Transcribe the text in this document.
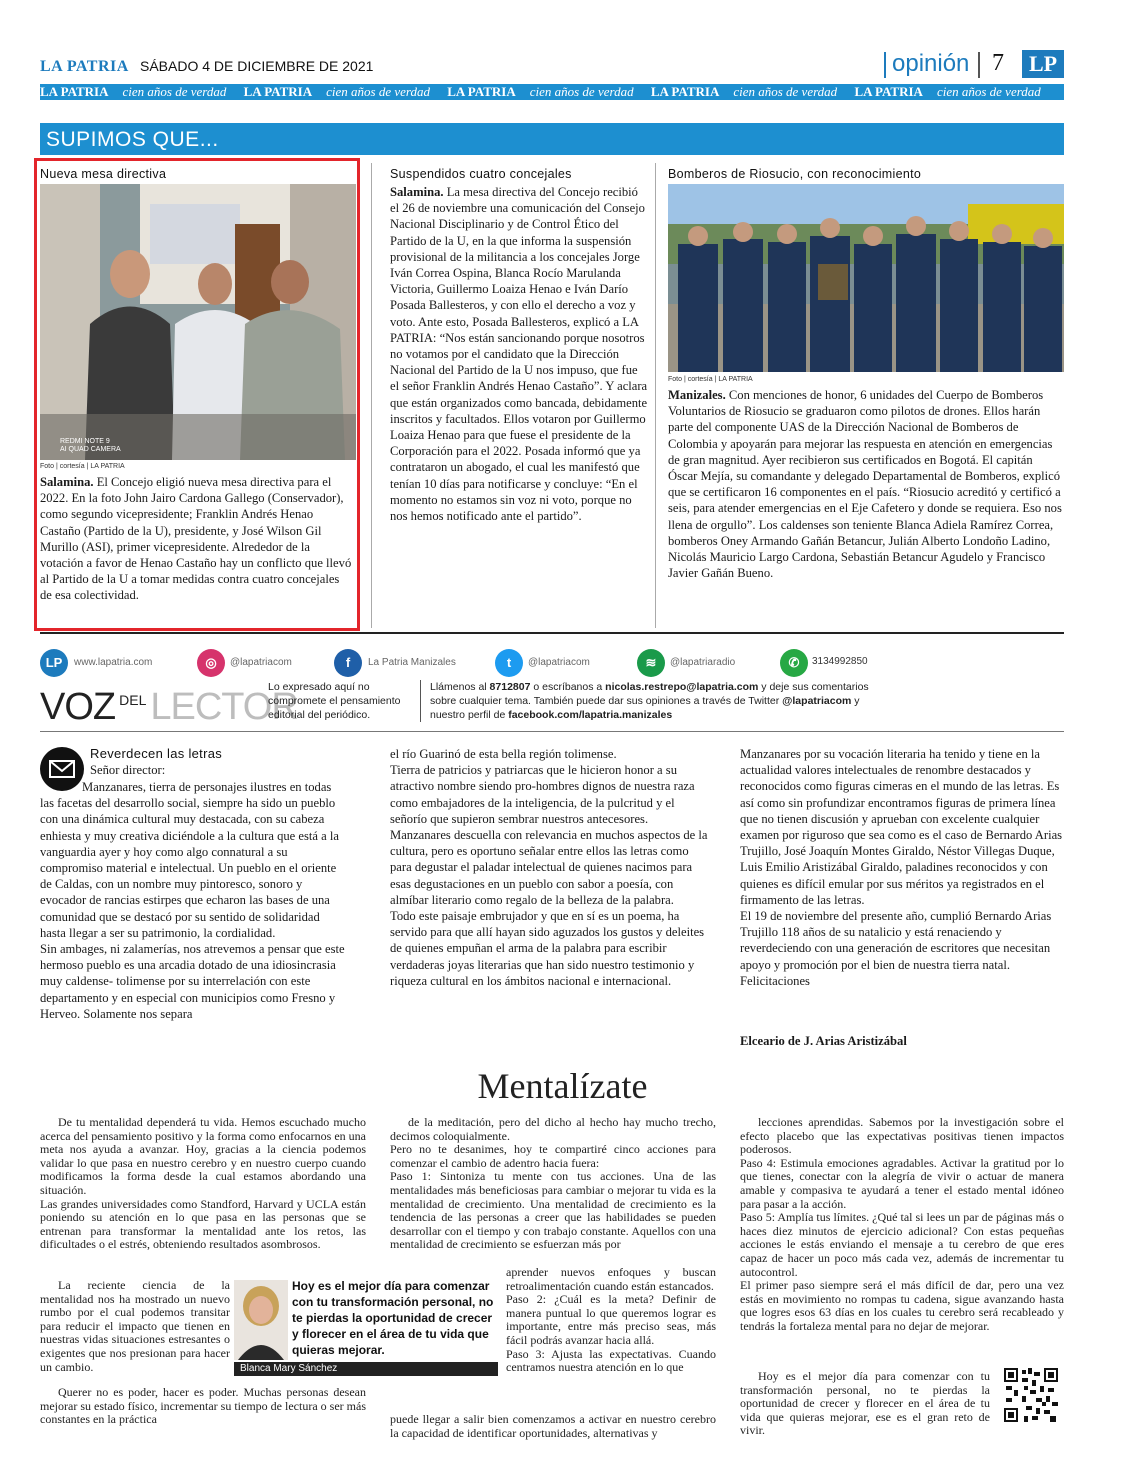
LA PATRIA SÁBADO 4 DE DICIEMBRE DE 2021	opinión 7	LP
LA PATRIA cien años de verdad LA PATRIA cien años de verdad LA PATRIA cien años de verdad LA PATRIA cien años de verdad LA PATRIA cien años de verdad
SUPIMOS QUE...
Nueva mesa directiva
REDMI NOTE 9
AI QUAD CAMERA
Foto | cortesía | LA PATRIA

Salamina. El Concejo eligió nueva mesa directiva para el 2022. En la foto John Jairo Cardona Gallego (Conservador), como segundo vicepresidente; Franklin Andrés Henao Castaño (Partido de la U), presidente, y José Wilson Gil Murillo (ASI), primer vicepresidente. Alrededor de la votación a favor de Henao Castaño hay un conflicto que llevó al Partido de la U a tomar medidas contra cuatro concejales de esa colectividad.

Suspendidos cuatro concejales

Salamina. La mesa directiva del Concejo recibió el 26 de noviembre una comunicación del Consejo Nacional Disciplinario y de Control Ético del Partido de la U, en la que informa la suspensión provisional de la militancia a los concejales Jorge Iván Correa Ospina, Blanca Rocío Marulanda Victoria, Guillermo Loaiza Henao e Iván Darío Posada Ballesteros, y con ello el derecho a voz y voto. Ante esto, Posada Ballesteros, explicó a LA PATRIA: “Nos están sancionando porque nosotros no votamos por el candidato que la Dirección Nacional del Partido de la U nos impuso, que fue el señor Franklin Andrés Henao Castaño”. Y aclara que están organizados como bancada, debidamente inscritos y facultados. Ellos votaron por Guillermo Loaiza Henao para que fuese el presidente de la Corporación para el 2022. Posada informó que ya contrataron un abogado, el cual les manifestó que tenían 10 días para notificarse y concluye: “En el momento no estamos sin voz ni voto, porque no nos hemos notificado ante el partido”.

Bomberos de Riosucio, con reconocimiento
Foto | cortesía | LA PATRIA

Manizales. Con menciones de honor, 6 unidades del Cuerpo de Bomberos Voluntarios de Riosucio se graduaron como pilotos de drones. Ellos harán parte del componente UAS de la Dirección Nacional de Bomberos de Colombia y apoyarán para mejorar las respuesta en atención en emergencias de gran magnitud. Ayer recibieron sus certificados en Bogotá. El capitán Óscar Mejía, su comandante y delegado Departamental de Bomberos, explicó que se certificaron 16 componentes en el país. “Riosucio acreditó y certificó a seis, para atender emergencias en el Eje Cafetero y donde se requiera. Eso nos llena de orgullo”. Los caldenses son teniente Blanca Adiela Ramírez Correa, bomberos Oney Armando Gañán Betancur, Julián Alberto Londoño Ladino, Nicolás Mauricio Largo Cardona, Sebastián Betancur Agudelo y Francisco Javier Gañán Bueno.

LP	www.lapatria.com	◎	@lapatriacom	f	La Patria Manizales	t	@lapatriacom	≋	@lapatriaradio	✆	3134992850
VOZ $^{DEL}$ LECTOR
Lo expresado aquí no compromete el pensamiento editorial del periódico.
Llámenos al 8712807 o escríbanos a nicolas.restrepo@lapatria.com y deje sus comentarios sobre cualquier tema. También puede dar sus opiniones a través de Twitter @lapatriacom y nuestro perfil de facebook.com/lapatria.manizales
Reverdecen las letras
Señor director:

Manzanares, tierra de personajes ilustres en todas las facetas del desarrollo social, siempre ha sido un pueblo con una dinámica cultural muy destacada, con su cabeza enhiesta y muy creativa diciéndole a la cultura que está a la vanguardia ayer y hoy como algo connatural a su compromiso material e intelectual. Un pueblo en el oriente de Caldas, con un nombre muy pintoresco, sonoro y evocador de rancias estirpes que echaron las bases de una comunidad que se destacó por su sentido de solidaridad hasta llegar a ser su patrimonio, la cordialidad.
Sin ambages, ni zalamerías, nos atrevemos a pensar que este hermoso pueblo es una arcadia dotado de una idiosincrasia muy caldense- tolimense por su interrelación con este departamento y en especial con municipios como Fresno y Herveo. Solamente nos separa

el río Guarinó de esta bella región tolimense.
Tierra de patricios y patriarcas que le hicieron honor a su atractivo nombre siendo pro-hombres dignos de nuestra raza como embajadores de la inteligencia, de la pulcritud y el señorío que supieron sembrar nuestros antecesores.
Manzanares descuella con relevancia en muchos aspectos de la cultura, pero es oportuno señalar entre ellos las letras como para degustar el paladar intelectual de quienes nacimos para esas degustaciones en un pueblo con sabor a poesía, con almíbar literario como regalo de la belleza de la palabra.
Todo este paisaje embrujador y que en sí es un poema, ha servido para que allí hayan sido aguzados los gustos y deleites de quienes empuñan el arma de la palabra para escribir verdaderas joyas literarias que han sido nuestro testimonio y riqueza cultural en los ámbitos nacional e internacional.

Manzanares por su vocación literaria ha tenido y tiene en la actualidad valores intelectuales de renombre destacados y reconocidos como figuras cimeras en el mundo de las letras. Es así como sin profundizar encontramos figuras de primera línea que no tienen discusión y aprueban con excelente cualquier examen por riguroso que sea como es el caso de Bernardo Arias Trujillo, José Joaquín Montes Giraldo, Néstor Villegas Duque, Luis Emilio Aristizábal Giraldo, paladines reconocidos y con quienes es difícil emular por sus méritos ya registrados en el firmamento de las letras.
El 19 de noviembre del presente año, cumplió Bernardo Arias Trujillo 118 años de su natalicio y está renaciendo y reverdeciendo con una generación de escritores que necesitan apoyo y promoción por el bien de nuestra tierra natal.
Felicitaciones

Elceario de J. Arias Aristizábal
Mentalízate
De tu mentalidad dependerá tu vida. Hemos escuchado mucho acerca del pensamiento positivo y la forma como enfocarnos en una meta nos ayuda a avanzar. Hoy, gracias a la ciencia podemos validar lo que pasa en nuestro cerebro y en nuestro cuerpo cuando modificamos la forma desde la cual estamos abordando una situación.
Las grandes universidades como Standford, Harvard y UCLA están poniendo su atención en lo que pasa en las personas que se entrenan para transformar la mentalidad ante los retos, las dificultades o el estrés, obteniendo resultados asombrosos.
La reciente ciencia de la mentalidad nos ha mostrado un nuevo rumbo por el cual podemos transitar para reducir el impacto que tienen en nuestras vidas situaciones estresantes o exigentes que nos presionan para hacer un cambio.
Hoy es el mejor día para comenzar con tu transformación personal, no te pierdas la oportunidad de crecer y florecer en el área de tu vida que quieras mejorar.
Blanca Mary Sánchez
Querer no es poder, hacer es poder. Muchas personas desean mejorar su estado físico, incrementar su tiempo de lectura o ser más constantes en la práctica
de la meditación, pero del dicho al hecho hay mucho trecho, decimos coloquialmente.
Pero no te desanimes, hoy te compartiré cinco acciones para comenzar el cambio de adentro hacia fuera:
Paso 1: Sintoniza tu mente con tus acciones. Una de las mentalidades más beneficiosas para cambiar o mejorar tu vida es la mentalidad de crecimiento. Una mentalidad de crecimiento es la tendencia de las personas a creer que las habilidades se pueden desarrollar con el tiempo y con trabajo constante. Aquellos con una mentalidad de crecimiento se esfuerzan más por
aprender nuevos enfoques y buscan retroalimentación cuando están estancados.
Paso 2: ¿Cuál es la meta? Definir de manera puntual lo que queremos lograr es importante, entre más preciso seas, más fácil podrás avanzar hacia allá.
Paso 3: Ajusta las expectativas. Cuando centramos nuestra atención en lo que
puede llegar a salir bien comenzamos a activar en nuestro cerebro la capacidad de identificar oportunidades, alternativas y
lecciones aprendidas. Sabemos por la investigación sobre el efecto placebo que las expectativas positivas tienen impactos poderosos.
Paso 4: Estimula emociones agradables. Activar la gratitud por lo que tienes, conectar con la alegría de vivir o actuar de manera amable y compasiva te ayudará a tener el estado mental idóneo para pasar a la acción.
Paso 5: Amplía tus límites. ¿Qué tal si lees un par de páginas más o haces diez minutos de ejercicio adicional? Con estas pequeñas acciones le estás enviando el mensaje a tu cerebro de que eres capaz de hacer un poco más cada vez, además de incrementar tu autocontrol.
El primer paso siempre será el más difícil de dar, pero una vez estás en movimiento no rompas tu cadena, sigue avanzando hasta que logres esos 63 días en los cuales tu cerebro será recableado y tendrás la fortaleza mental para no dejar de mejorar.
Hoy es el mejor día para comenzar con tu transformación personal, no te pierdas la oportunidad de crecer y florecer en el área de tu vida que quieras mejorar, ese es el gran reto de vivir.
